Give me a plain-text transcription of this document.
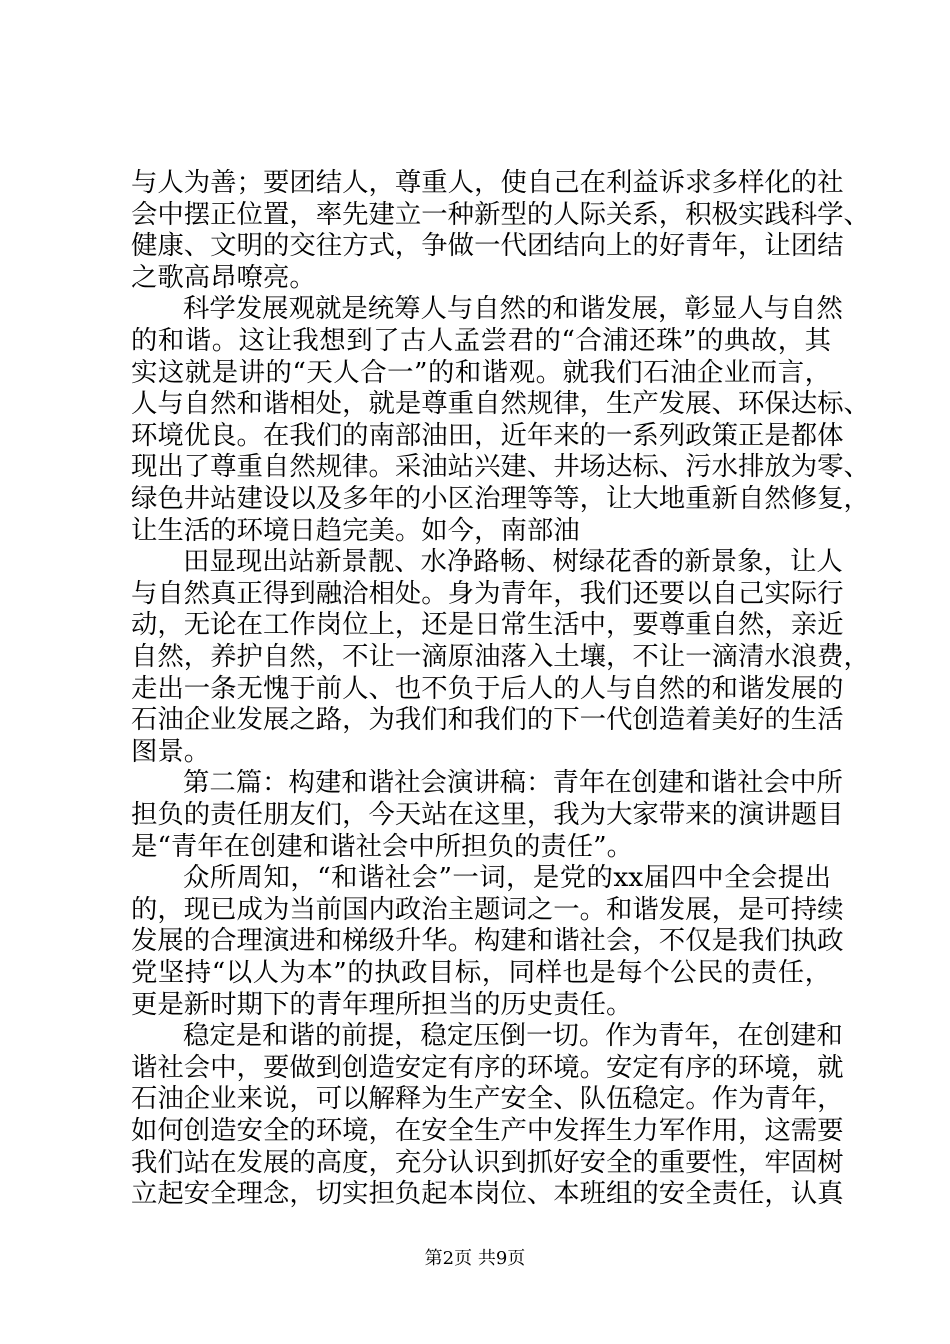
与人为善；要团结人，尊重人，使自己在利益诉求多样化的社
会中摆正位置，率先建立一种新型的人际关系，积极实践科学、
健康、文明的交往方式，争做一代团结向上的好青年，让团结
之歌高昂嘹亮。
科学发展观就是统筹人与自然的和谐发展，彰显人与自然
的和谐。这让我想到了古人孟尝君的“合浦还珠”的典故，其
实这就是讲的“天人合一”的和谐观。就我们石油企业而言，
人与自然和谐相处，就是尊重自然规律，生产发展、环保达标、
环境优良。在我们的南部油田，近年来的一系列政策正是都体
现出了尊重自然规律。采油站兴建、井场达标、污水排放为零、
绿色井站建设以及多年的小区治理等等，让大地重新自然修复，
让生活的环境日趋完美。如今，南部油
田显现出站新景靓、水净路畅、树绿花香的新景象，让人
与自然真正得到融洽相处。身为青年，我们还要以自己实际行
动，无论在工作岗位上，还是日常生活中，要尊重自然，亲近
自然，养护自然，不让一滴原油落入土壤，不让一滴清水浪费，
走出一条无愧于前人、也不负于后人的人与自然的和谐发展的
石油企业发展之路，为我们和我们的下一代创造着美好的生活
图景。
第二篇：构建和谐社会演讲稿：青年在创建和谐社会中所
担负的责任朋友们，今天站在这里，我为大家带来的演讲题目
是“青年在创建和谐社会中所担负的责任”。
众所周知，“和谐社会”一词，是党的xx届四中全会提出
的，现已成为当前国内政治主题词之一。和谐发展，是可持续
发展的合理演进和梯级升华。构建和谐社会，不仅是我们执政
党坚持“以人为本”的执政目标，同样也是每个公民的责任，
更是新时期下的青年理所担当的历史责任。
稳定是和谐的前提，稳定压倒一切。作为青年，在创建和
谐社会中，要做到创造安定有序的环境。安定有序的环境，就
石油企业来说，可以解释为生产安全、队伍稳定。作为青年，
如何创造安全的环境，在安全生产中发挥生力军作用，这需要
我们站在发展的高度，充分认识到抓好安全的重要性，牢固树
立起安全理念，切实担负起本岗位、本班组的安全责任，认真
第2页 共9页
